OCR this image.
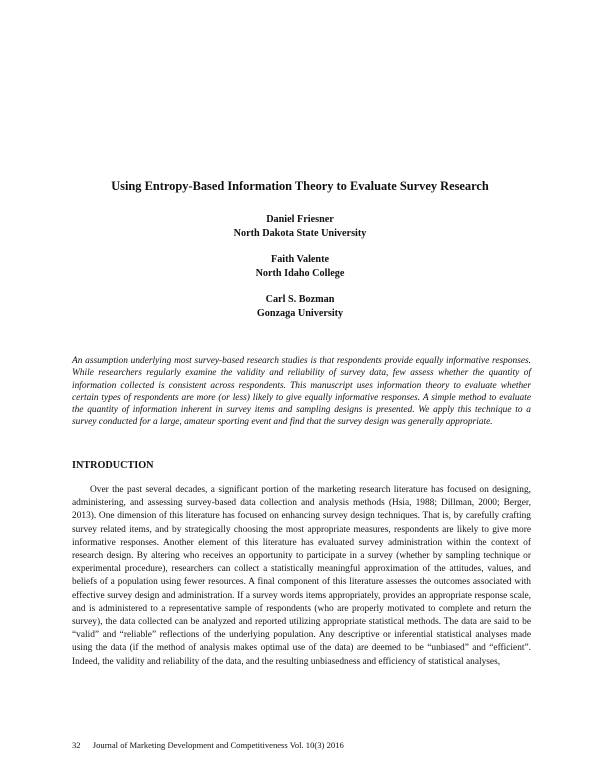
Using Entropy-Based Information Theory to Evaluate Survey Research
Daniel Friesner
North Dakota State University
Faith Valente
North Idaho College
Carl S. Bozman
Gonzaga University

An assumption underlying most survey-based research studies is that respondents provide equally informative responses. While researchers regularly examine the validity and reliability of survey data, few assess whether the quantity of information collected is consistent across respondents. This manuscript uses information theory to evaluate whether certain types of respondents are more (or less) likely to give equally informative responses. A simple method to evaluate the quantity of information inherent in survey items and sampling designs is presented. We apply this technique to a survey conducted for a large, amateur sporting event and find that the survey design was generally appropriate.

INTRODUCTION

Over the past several decades, a significant portion of the marketing research literature has focused on designing, administering, and assessing survey-based data collection and analysis methods (Hsia, 1988; Dillman, 2000; Berger, 2013). One dimension of this literature has focused on enhancing survey design techniques. That is, by carefully crafting survey related items, and by strategically choosing the most appropriate measures, respondents are likely to give more informative responses. Another element of this literature has evaluated survey administration within the context of research design. By altering who receives an opportunity to participate in a survey (whether by sampling technique or experimental procedure), researchers can collect a statistically meaningful approximation of the attitudes, values, and beliefs of a population using fewer resources. A final component of this literature assesses the outcomes associated with effective survey design and administration. If a survey words items appropriately, provides an appropriate response scale, and is administered to a representative sample of respondents (who are properly motivated to complete and return the survey), the data collected can be analyzed and reported utilizing appropriate statistical methods. The data are said to be “valid” and “reliable” reflections of the underlying population. Any descriptive or inferential statistical analyses made using the data (if the method of analysis makes optimal use of the data) are deemed to be “unbiased” and “efficient”. Indeed, the validity and reliability of the data, and the resulting unbiasedness and efficiency of statistical analyses,

32 Journal of Marketing Development and Competitiveness Vol. 10(3) 2016
